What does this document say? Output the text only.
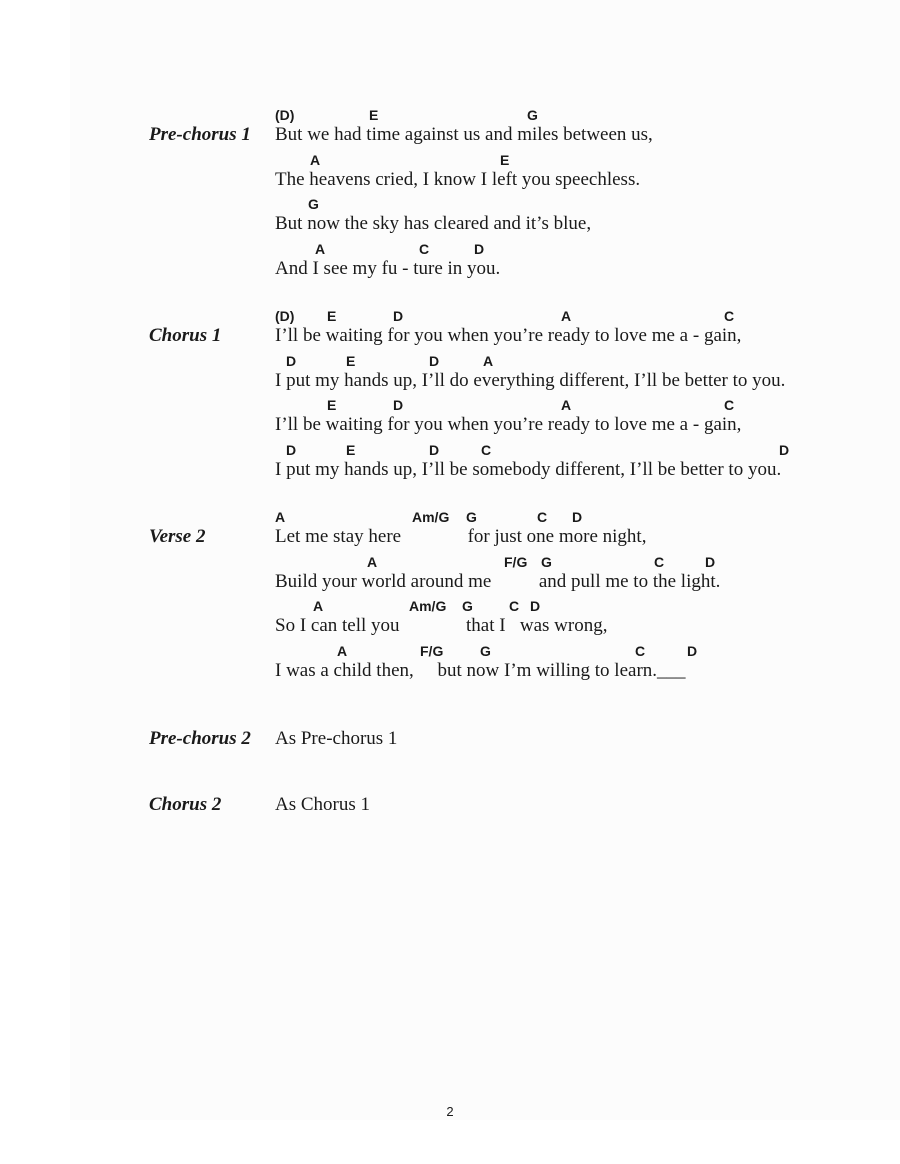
Pre-chorus 1
(D)	E	G
But we had time against us and miles between us,
A	E
The heavens cried, I know I left you speechless.
G
But now the sky has cleared and it’s blue,
A	C	D
And I see my fu - ture in you.
Chorus 1
(D) E	D	A	C
I’ll be waiting for you when you’re ready to love me a - gain,
D	E	D	A
I put my hands up, I’ll do everything different, I’ll be better to you.
E	D	A	C
I’ll be waiting for you when you’re ready to love me a - gain,
D	E	D	C	D
I put my hands up, I’ll be somebody different, I’ll be better to you.
Verse 2
A	Am/G G	C D
Let me stay here              for just one more night,
A	F/G G	C	D
Build your world around me          and pull me to the light.
A	Am/G G	C D
So I can tell you              that I   was wrong,
A	F/G	G	C	D
I was a child then,     but now I’m willing to learn.___
Pre-chorus 2 As Pre-chorus 1
Chorus 2	As Chorus 1
2
